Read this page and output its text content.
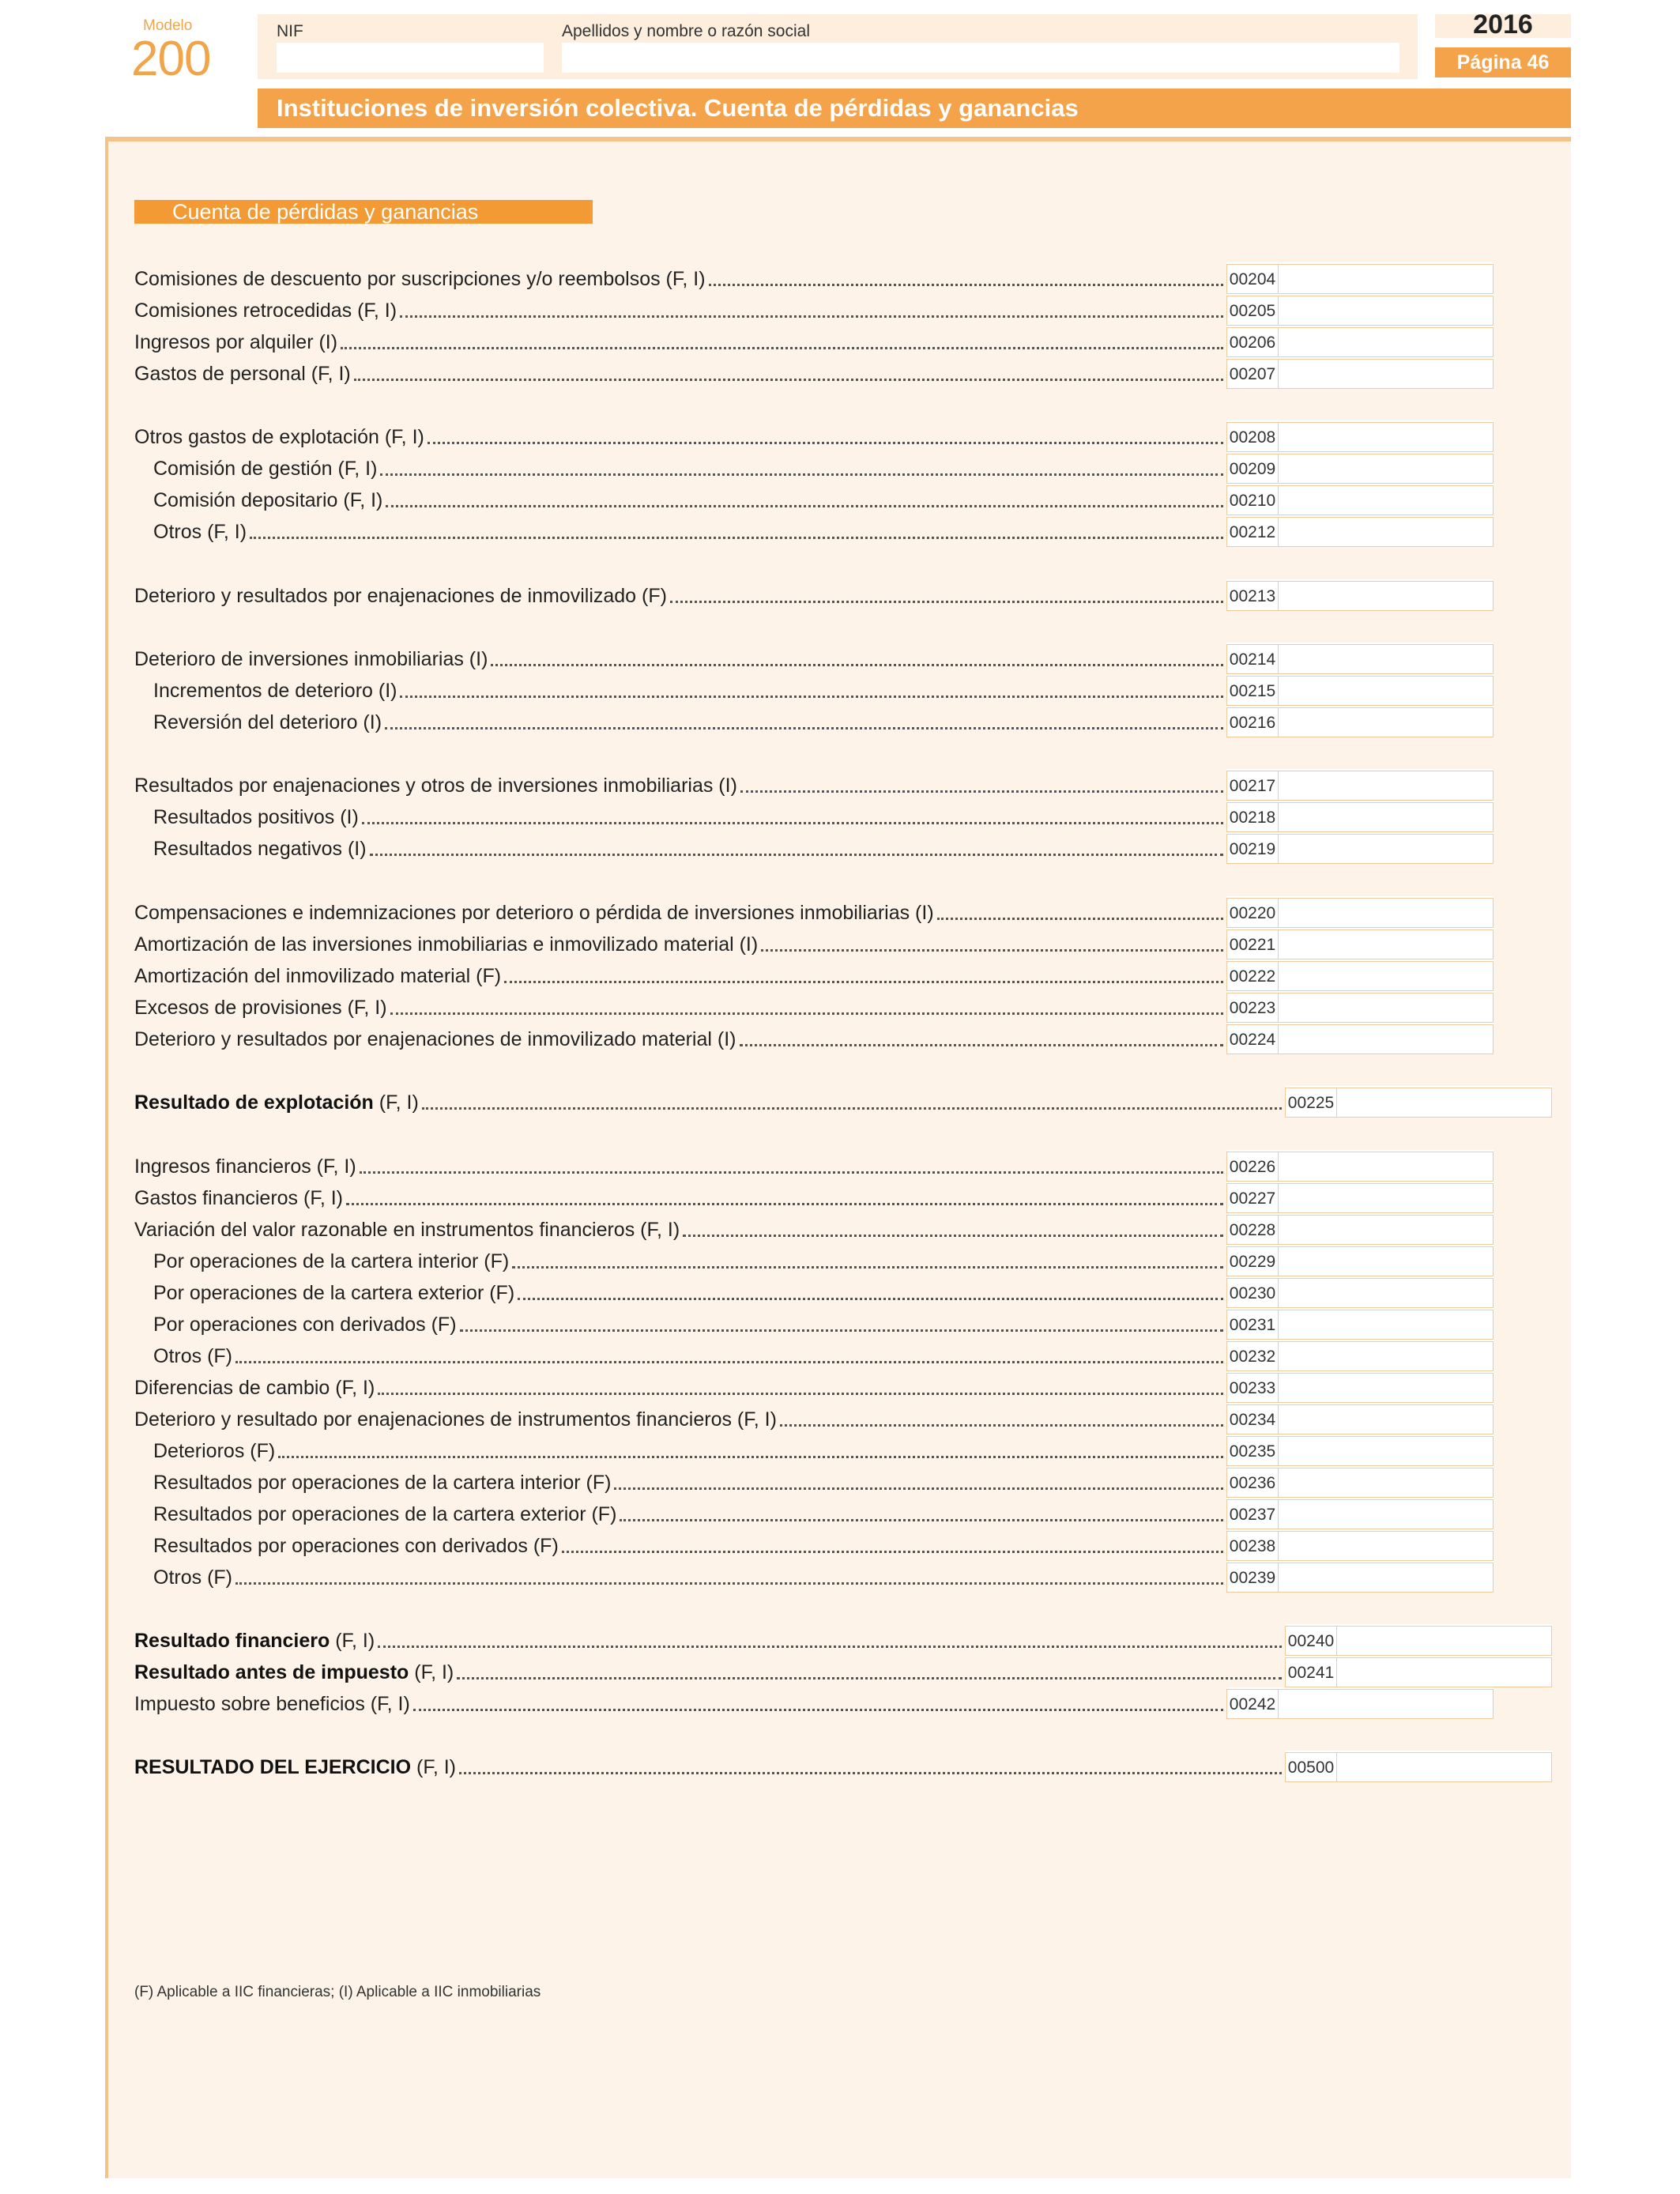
Modelo
200
NIF	Apellidos y nombre o razón social	2016
Página 46
Instituciones de inversión colectiva. Cuenta de pérdidas y ganancias
Cuenta de pérdidas y ganancias
Comisiones de descuento por suscripciones y/o reembolsos (F, I)	00204
Comisiones retrocedidas (F, I)	00205
Ingresos por alquiler (I)	00206
Gastos de personal (F, I)	00207
Otros gastos de explotación (F, I)	00208
Comisión de gestión (F, I)	00209
Comisión depositario (F, I)	00210
Otros (F, I)	00212
Deterioro y resultados por enajenaciones de inmovilizado (F)	00213
Deterioro de inversiones inmobiliarias (I)	00214
Incrementos de deterioro (I)	00215
Reversión del deterioro (I)	00216
Resultados por enajenaciones y otros de inversiones inmobiliarias (I)	00217
Resultados positivos (I)	00218
Resultados negativos (I)	00219
Compensaciones e indemnizaciones por deterioro o pérdida de inversiones inmobiliarias (I)	00220
Amortización de las inversiones inmobiliarias e inmovilizado material (I)	00221
Amortización del inmovilizado material (F)	00222
Excesos de provisiones (F, I)	00223
Deterioro y resultados por enajenaciones de inmovilizado material (I)	00224
Resultado de explotación (F, I)	00225
Ingresos financieros (F, I)	00226
Gastos financieros (F, I)	00227
Variación del valor razonable en instrumentos financieros (F, I)	00228
Por operaciones de la cartera interior (F)	00229
Por operaciones de la cartera exterior (F)	00230
Por operaciones con derivados (F)	00231
Otros (F)	00232
Diferencias de cambio (F, I)	00233
Deterioro y resultado por enajenaciones de instrumentos financieros (F, I)	00234
Deterioros (F)	00235
Resultados por operaciones de la cartera interior (F)	00236
Resultados por operaciones de la cartera exterior (F)	00237
Resultados por operaciones con derivados (F)	00238
Otros (F)	00239
Resultado financiero (F, I)	00240
Resultado antes de impuesto (F, I)	00241
Impuesto sobre beneficios (F, I)	00242
RESULTADO DEL EJERCICIO (F, I)	00500
(F) Aplicable a IIC financieras; (I) Aplicable a IIC inmobiliarias
